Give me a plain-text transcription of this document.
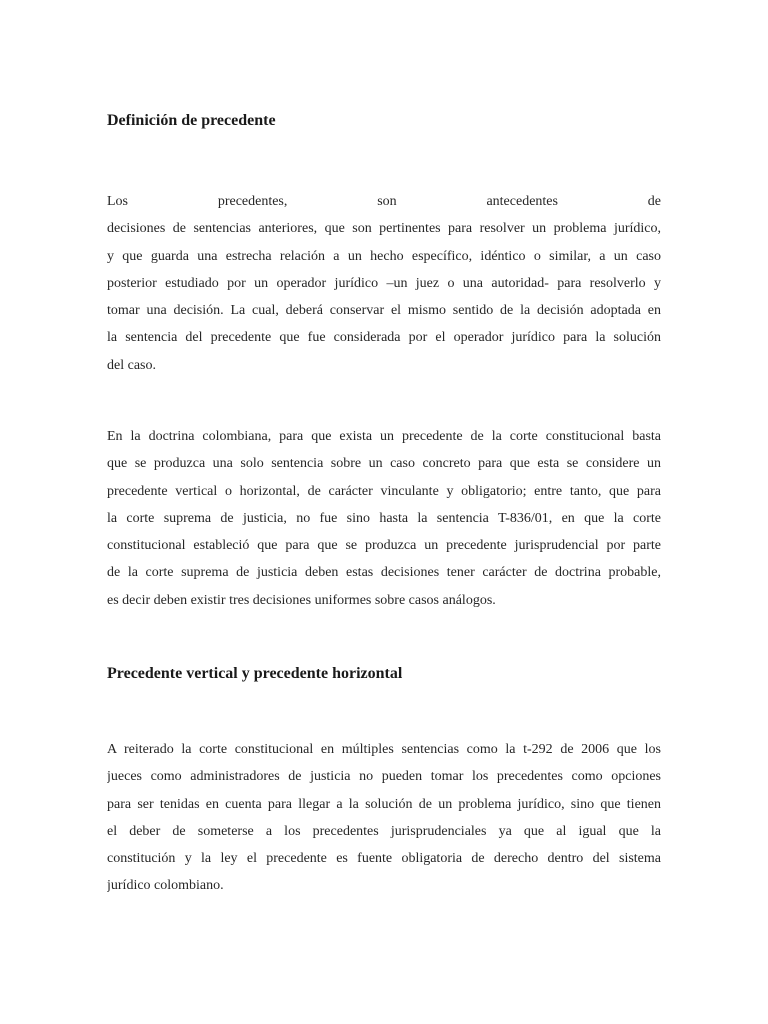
Definición de precedente
Los precedentes, son antecedentes de
decisiones de sentencias anteriores, que son pertinentes para resolver un problema jurídico,
y que guarda una estrecha relación a un hecho específico, idéntico o similar, a un caso
posterior estudiado por un operador jurídico –un juez o una autoridad- para resolverlo y
tomar una decisión. La cual, deberá conservar el mismo sentido de la decisión adoptada en
la sentencia del precedente que fue considerada por el operador jurídico para la solución
del caso.
En la doctrina colombiana, para que exista un precedente de la corte constitucional basta
que se produzca una solo sentencia sobre un caso concreto para que esta se considere un
precedente vertical o horizontal, de carácter vinculante y obligatorio; entre tanto, que para
la corte suprema de justicia, no fue sino hasta la sentencia T-836/01, en que la corte
constitucional estableció que para que se produzca un precedente jurisprudencial por parte
de la corte suprema de justicia deben estas decisiones tener carácter de doctrina probable,
es decir deben existir tres decisiones uniformes sobre casos análogos.
Precedente vertical y precedente horizontal
A reiterado la corte constitucional en múltiples sentencias como la t-292 de 2006 que los
jueces como administradores de justicia no pueden tomar los precedentes como opciones
para ser tenidas en cuenta para llegar a la solución de un problema jurídico, sino que tienen
el deber de someterse a los precedentes jurisprudenciales ya que al igual que la
constitución y la ley el precedente es fuente obligatoria de derecho dentro del sistema
jurídico colombiano.
